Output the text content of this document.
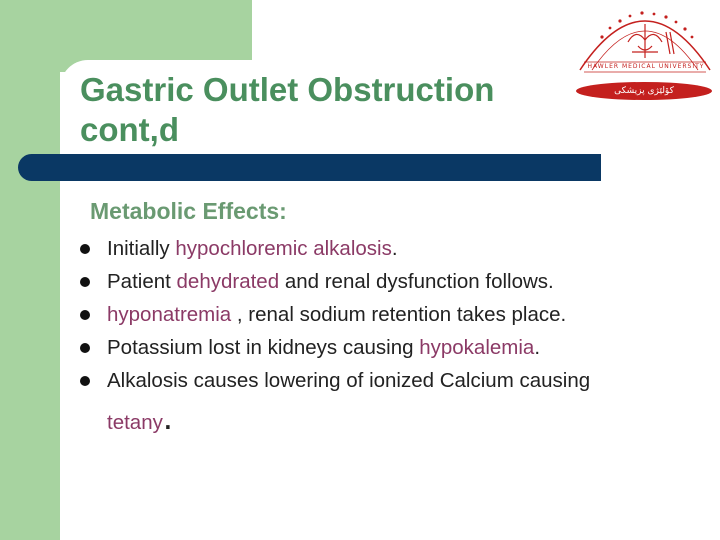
Gastric Outlet Obstruction
cont,d
HAWLER MEDICAL UNIVERSITY
كۆلێژی پزیشکی
Metabolic Effects:
Initially hypochloremic alkalosis.
Patient dehydrated and renal dysfunction follows.
hyponatremia , renal sodium retention takes place.
Potassium lost in kidneys causing hypokalemia.
Alkalosis causes lowering of ionized Calcium causing
tetany.
